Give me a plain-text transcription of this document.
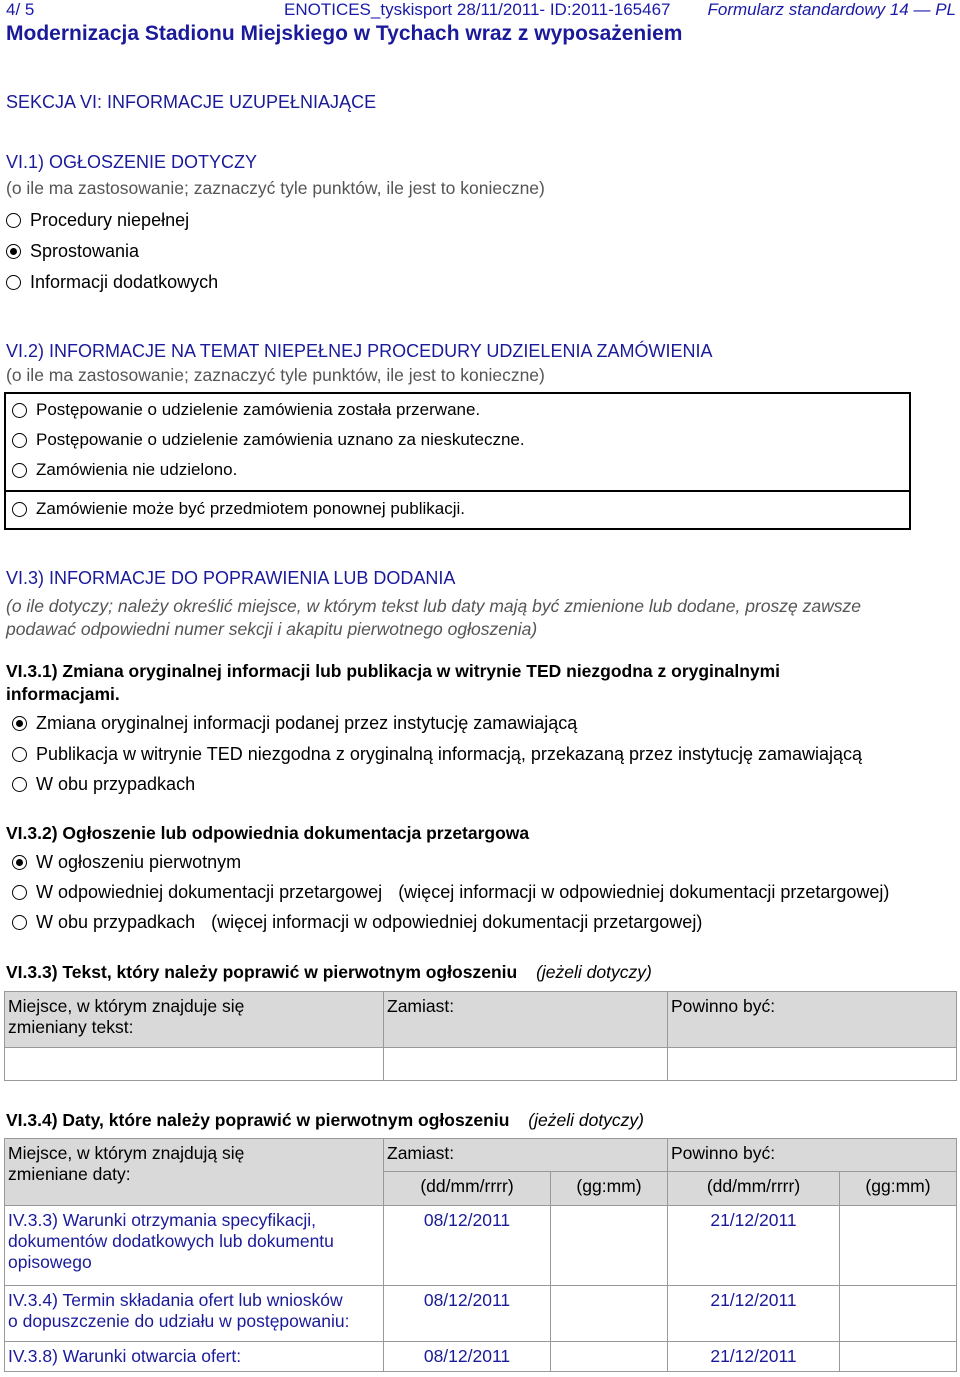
4/ 5	ENOTICES_tyskisport 28/11/2011- ID:2011-165467 Formularz standardowy 14 — PL
Modernizacja Stadionu Miejskiego w Tychach wraz z wyposażeniem
SEKCJA VI: INFORMACJE UZUPEŁNIAJĄCE
VI.1) OGŁOSZENIE DOTYCZY
(o ile ma zastosowanie; zaznaczyć tyle punktów, ile jest to konieczne)
Procedury niepełnej
Sprostowania
Informacji dodatkowych
VI.2) INFORMACJE NA TEMAT NIEPEŁNEJ PROCEDURY UDZIELENIA ZAMÓWIENIA
(o ile ma zastosowanie; zaznaczyć tyle punktów, ile jest to konieczne)
Postępowanie o udzielenie zamówienia została przerwane.
Postępowanie o udzielenie zamówienia uznano za nieskuteczne.
Zamówienia nie udzielono.
Zamówienie może być przedmiotem ponownej publikacji.
VI.3) INFORMACJE DO POPRAWIENIA LUB DODANIA
(o ile dotyczy; należy określić miejsce, w którym tekst lub daty mają być zmienione lub dodane, proszę zawsze
podawać odpowiedni numer sekcji i akapitu pierwotnego ogłoszenia)
VI.3.1) Zmiana oryginalnej informacji lub publikacja w witrynie TED niezgodna z oryginalnymi
informacjami.
Zmiana oryginalnej informacji podanej przez instytucję zamawiającą
Publikacja w witrynie TED niezgodna z oryginalną informacją, przekazaną przez instytucję zamawiającą
W obu przypadkach
VI.3.2) Ogłoszenie lub odpowiednia dokumentacja przetargowa
W ogłoszeniu pierwotnym
W odpowiedniej dokumentacji przetargowej (więcej informacji w odpowiedniej dokumentacji przetargowej)
W obu przypadkach (więcej informacji w odpowiedniej dokumentacji przetargowej)
VI.3.3) Tekst, który należy poprawić w pierwotnym ogłoszeniu (jeżeli dotyczy)
Miejsce, w którym znajduje się
zmieniany tekst:	Zamiast:	Powinno być:

VI.3.4) Daty, które należy poprawić w pierwotnym ogłoszeniu (jeżeli dotyczy)
Miejsce, w którym znajdują się
zmieniane daty:	Zamiast:		Powinno być:	
	(dd/mm/rrrr)	(gg:mm)	(dd/mm/rrrr)	(gg:mm)

IV.3.3) Warunki otrzymania specyfikacji,
dokumentów dodatkowych lub dokumentu
opisowego	08/12/2011		21/12/2011	

IV.3.4) Termin składania ofert lub wniosków
o dopuszczenie do udziału w postępowaniu:	08/12/2011		21/12/2011	
IV.3.8) Warunki otwarcia ofert:	08/12/2011		21/12/2011	
